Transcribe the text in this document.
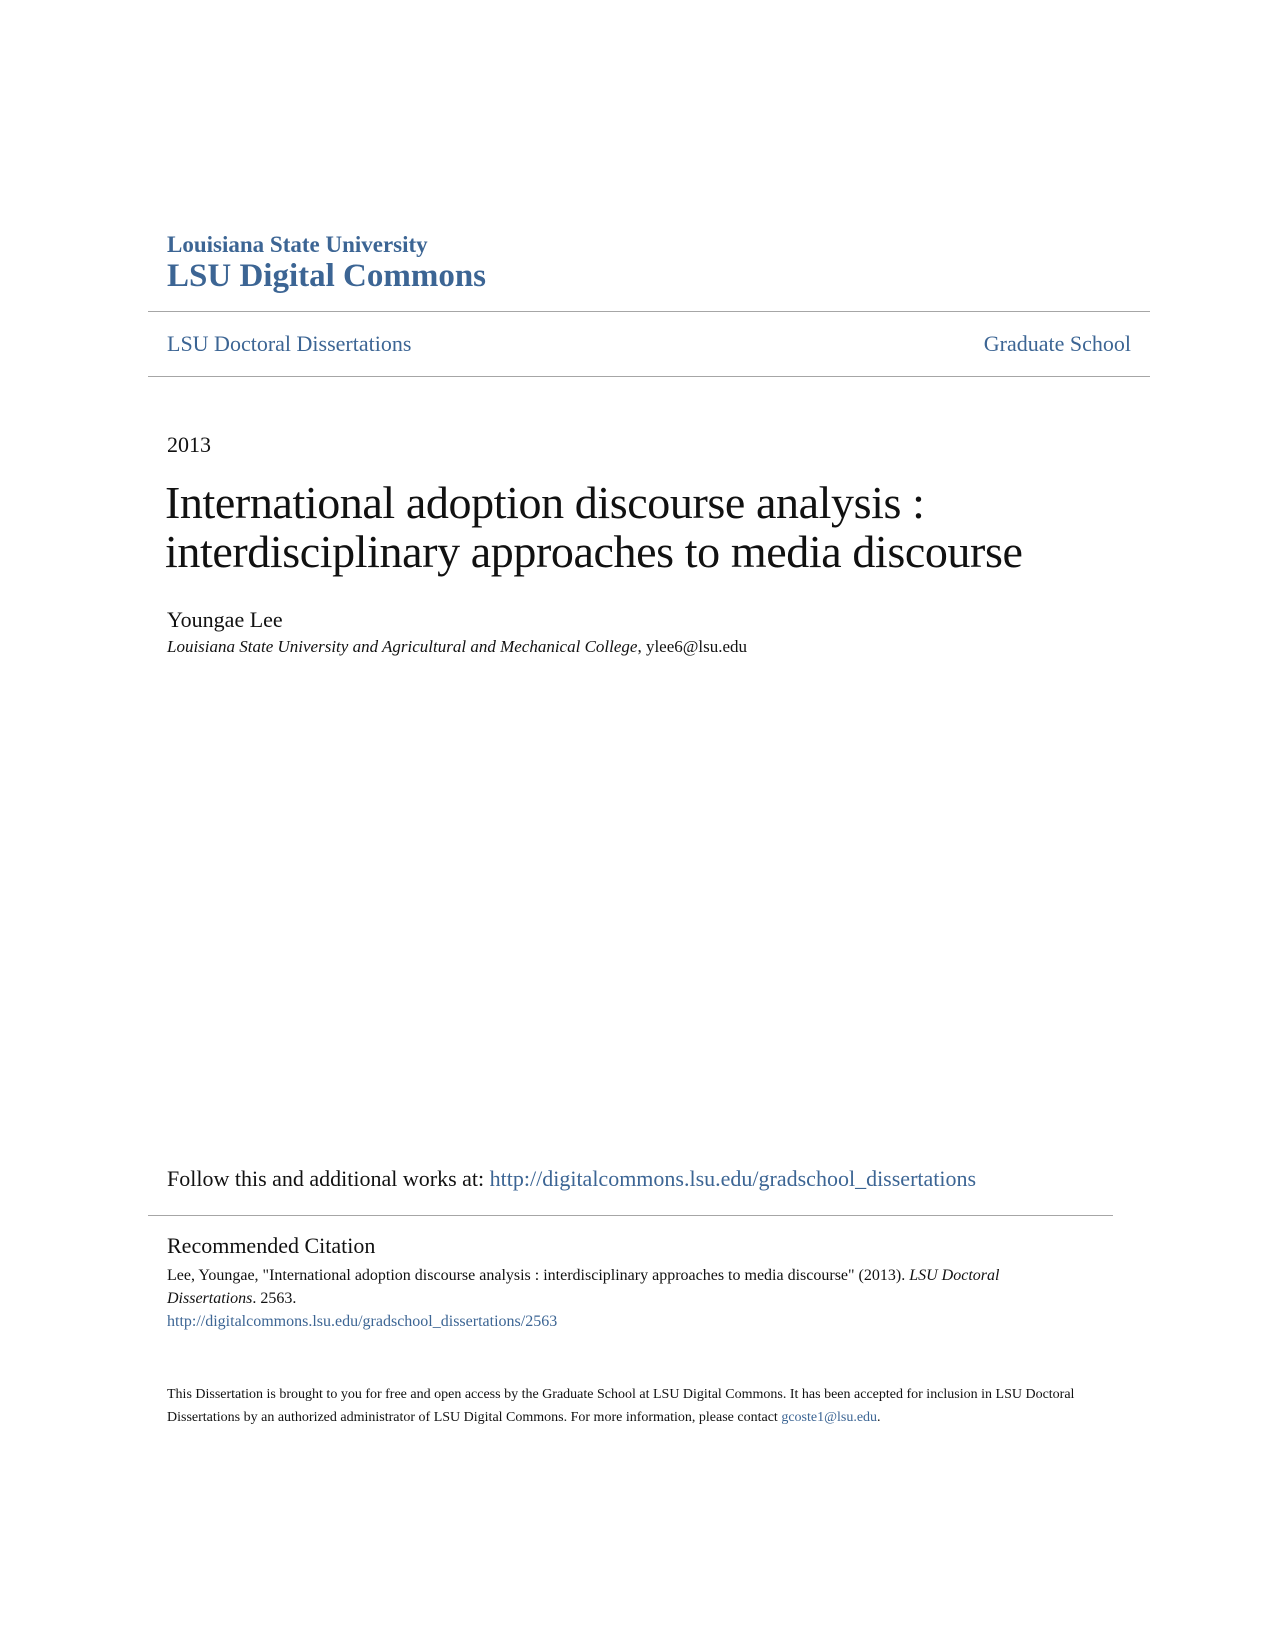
Louisiana State University
LSU Digital Commons
LSU Doctoral Dissertations	Graduate School
2013
International adoption discourse analysis : interdisciplinary approaches to media discourse
Youngae Lee
Louisiana State University and Agricultural and Mechanical College, ylee6@lsu.edu
Follow this and additional works at: http://digitalcommons.lsu.edu/gradschool_dissertations
Recommended Citation
Lee, Youngae, "International adoption discourse analysis : interdisciplinary approaches to media discourse" (2013). LSU Doctoral Dissertations. 2563.
http://digitalcommons.lsu.edu/gradschool_dissertations/2563
This Dissertation is brought to you for free and open access by the Graduate School at LSU Digital Commons. It has been accepted for inclusion in LSU Doctoral Dissertations by an authorized administrator of LSU Digital Commons. For more information, please contact gcoste1@lsu.edu.
